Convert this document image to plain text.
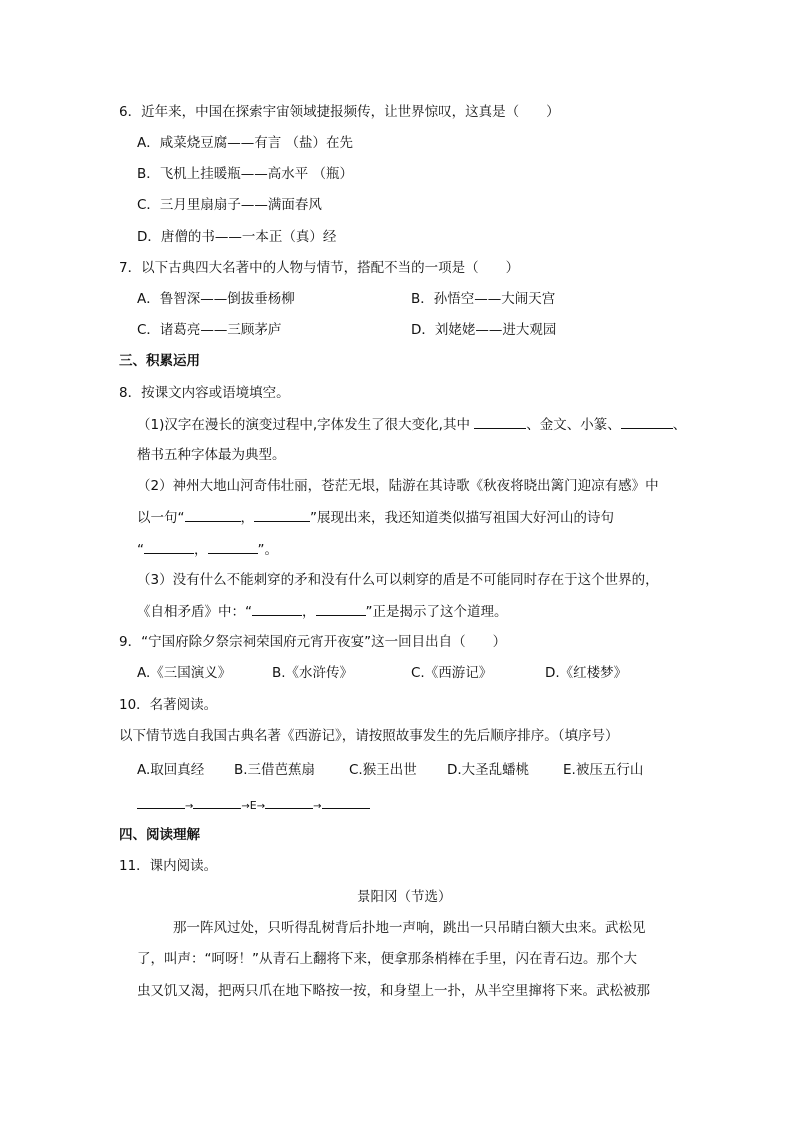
6．近年来，中国在探索宇宙领域捷报频传，让世界惊叹，这真是（　　）
A．咸菜烧豆腐——有言 （盐）在先
B．飞机上挂暖瓶——高水平 （瓶）
C．三月里扇扇子——满面春风
D．唐僧的书——一本正（真）经
7．以下古典四大名著中的人物与情节，搭配不当的一项是（　　）
A．鲁智深——倒拔垂杨柳	B．孙悟空——大闹天宫
C．诸葛亮——三顾茅庐	D．刘姥姥——进大观园
三、积累运用
8．按课文内容或语境填空。
（1)汉字在漫长的演变过程中,字体发生了很大变化,其中	、金文、小篆、	、
楷书五种字体最为典型。
（2）神州大地山河奇伟壮丽，苍茫无垠，陆游在其诗歌《秋夜将晓出篱门迎凉有感》中
以一句“	，	”展现出来，我还知道类似描写祖国大好河山的诗句
“	，	”。
（3）没有什么不能刺穿的矛和没有什么可以刺穿的盾是不可能同时存在于这个世界的，
《自相矛盾》中：“	，	”正是揭示了这个道理。
9．“宁国府除夕祭宗祠荣国府元宵开夜宴”这一回目出自（　　）
A.《三国演义》	B.《水浒传》	C.《西游记》	D.《红楼梦》
10．名著阅读。
以下情节选自我国古典名著《西游记》，请按照故事发生的先后顺序排序。（填序号）
A.取回真经 B.三借芭蕉扇	C.猴王出世 D.大圣乱蟠桃	E.被压五行山
→	→E→	→
四、阅读理解
11．课内阅读。
景阳冈（节选）
那一阵风过处，只听得乱树背后扑地一声响，跳出一只吊睛白额大虫来。武松见
了，叫声：“呵呀！”从青石上翻将下来，便拿那条梢棒在手里，闪在青石边。那个大
虫又饥又渴，把两只爪在地下略按一按，和身望上一扑，从半空里撺将下来。武松被那
